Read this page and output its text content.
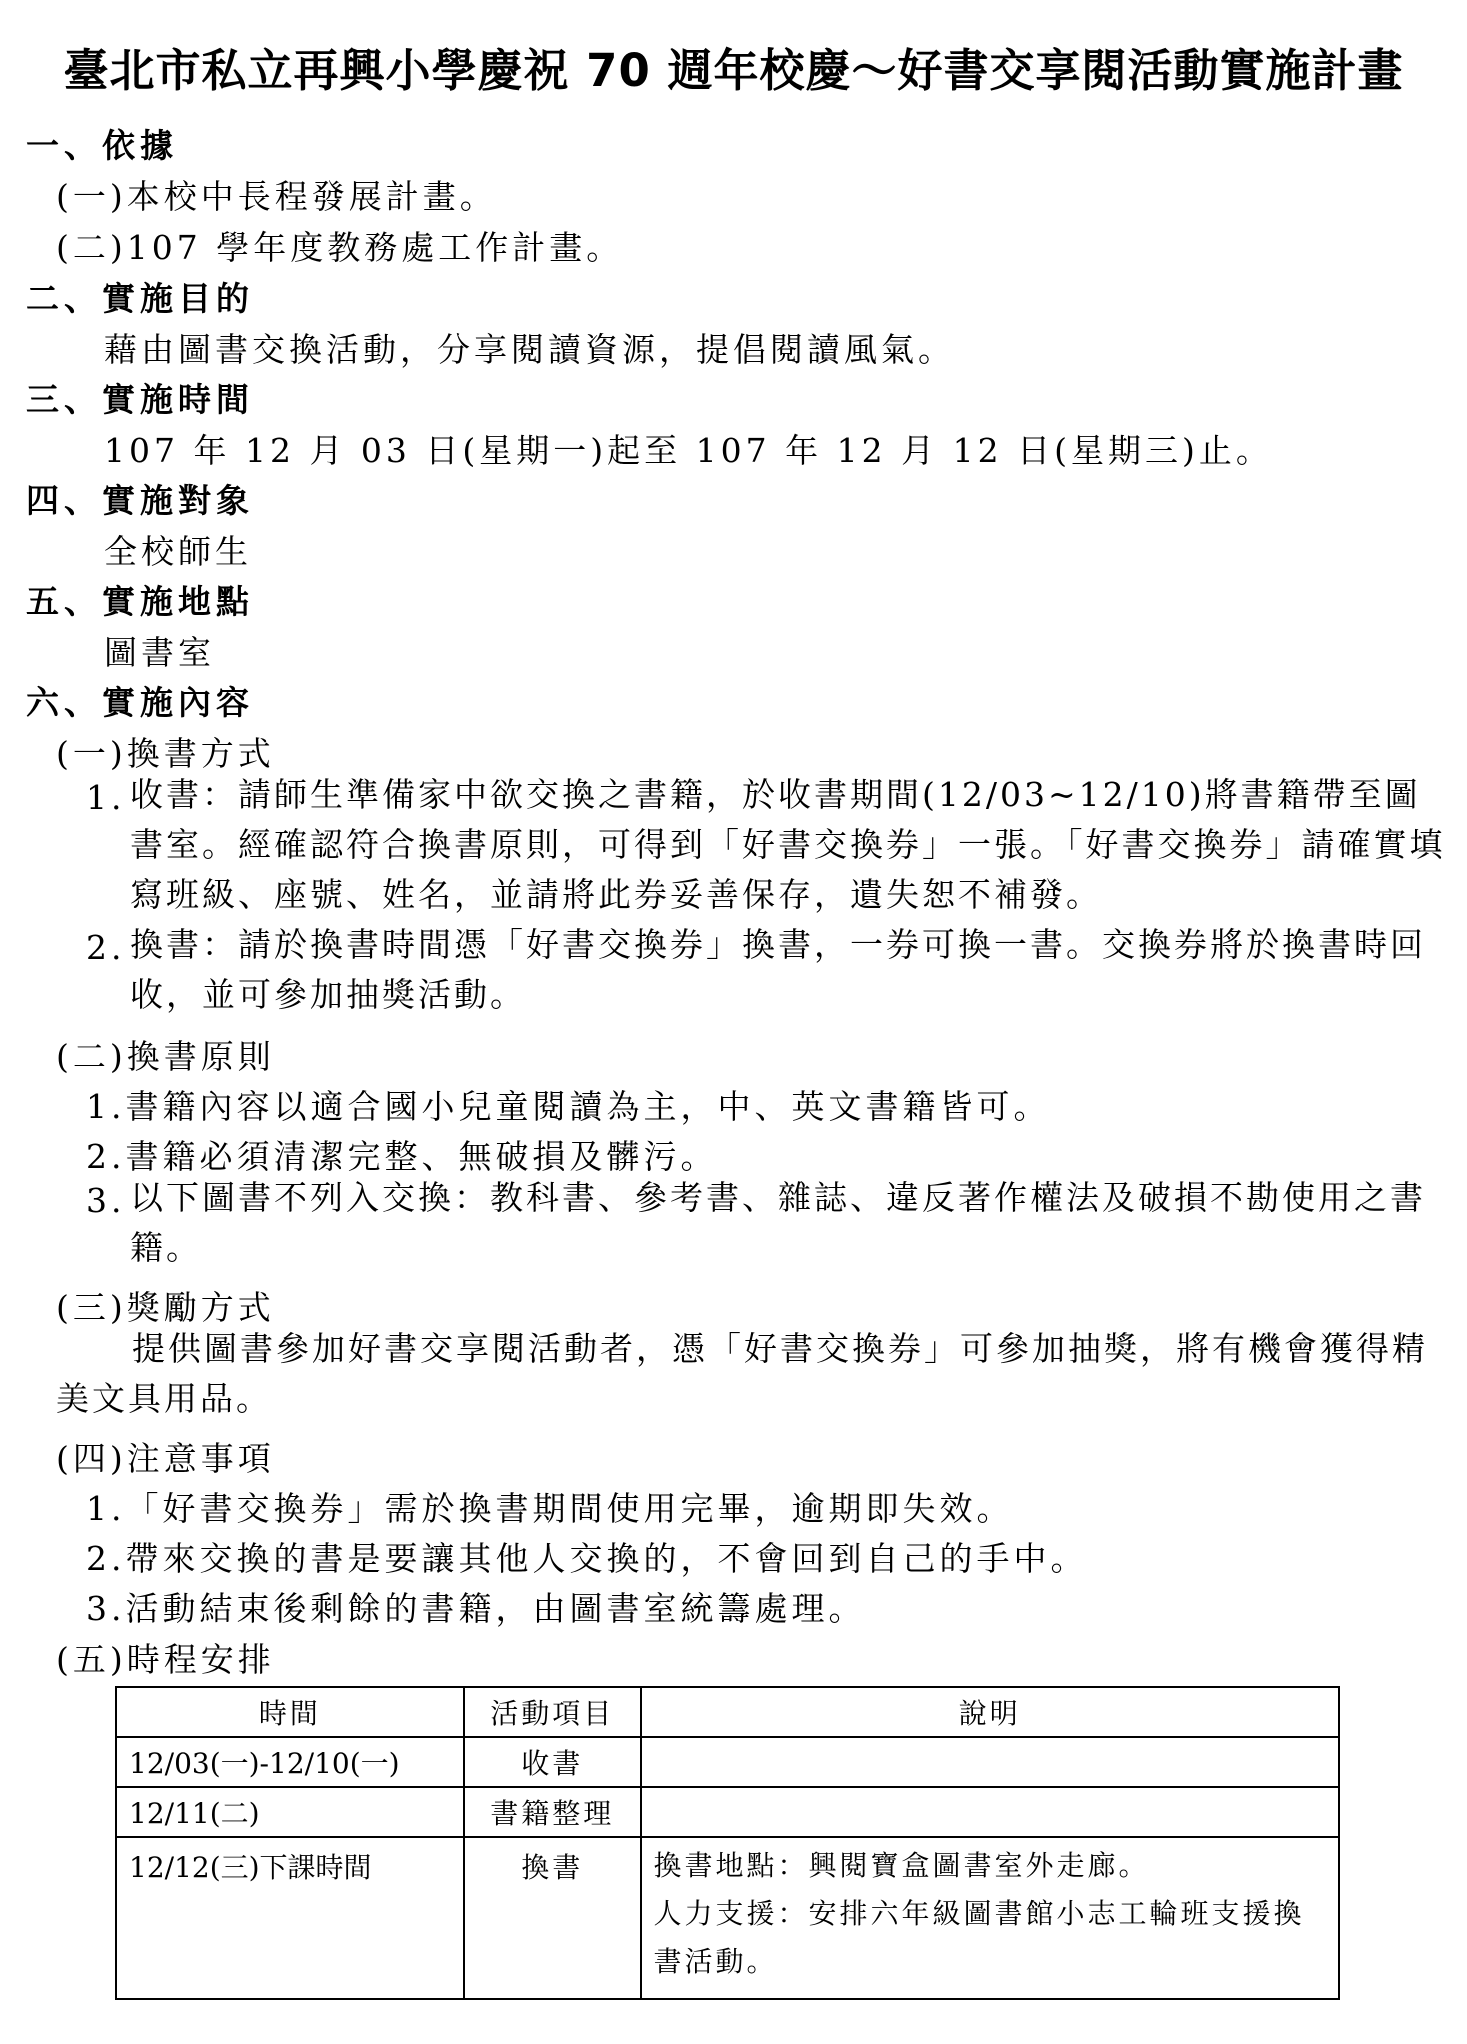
臺北市私立再興小學慶祝 70 週年校慶～好書交享閱活動實施計畫
一、依據
(一)本校中長程發展計畫。
(二)107 學年度教務處工作計畫。
二、實施目的
藉由圖書交換活動，分享閱讀資源，提倡閱讀風氣。
三、實施時間
107 年 12 月 03 日(星期一)起至 107 年 12 月 12 日(星期三)止。
四、實施對象
全校師生
五、實施地點
圖書室
六、實施內容
(一)換書方式
1. 收書：請師生準備家中欲交換之書籍，於收書期間(12/03~12/10)將書籍帶至圖書室。經確認符合換書原則，可得到「好書交換券」一張。「好書交換券」請確實填寫班級、座號、姓名，並請將此券妥善保存，遺失恕不補發。
2. 換書：請於換書時間憑「好書交換券」換書，一券可換一書。交換券將於換書時回收，並可參加抽獎活動。
(二)換書原則
1.書籍內容以適合國小兒童閱讀為主，中、英文書籍皆可。
2.書籍必須清潔完整、無破損及髒污。
3. 以下圖書不列入交換：教科書、參考書、雜誌、違反著作權法及破損不勘使用之書籍。
(三)獎勵方式
提供圖書參加好書交享閱活動者，憑「好書交換券」可參加抽獎，將有機會獲得精美文具用品。
(四)注意事項
1.「好書交換券」需於換書期間使用完畢，逾期即失效。
2.帶來交換的書是要讓其他人交換的，不會回到自己的手中。
3.活動結束後剩餘的書籍，由圖書室統籌處理。
(五)時程安排
時間	活動項目	說明
12/03(一)-12/10(一)	收書	
12/11(二)	書籍整理	
12/12(三)下課時間	換書	換書地點：興閱寶盒圖書室外走廊。
人力支援：安排六年級圖書館小志工輪班支援換書活動。
